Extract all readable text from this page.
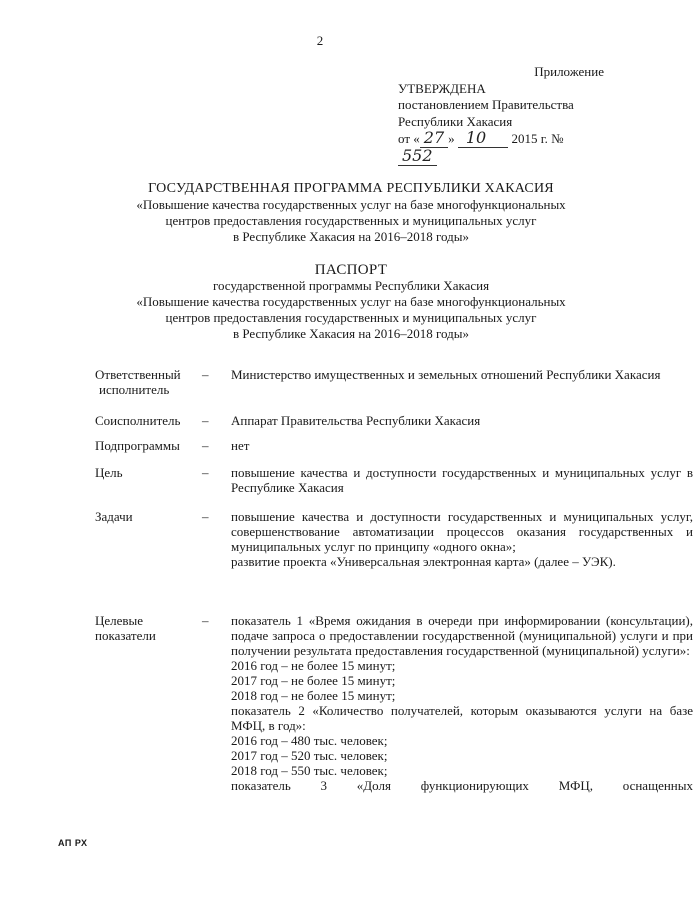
2
Приложение
УТВЕРЖДЕНА
постановлением Правительства
Республики Хакасия
от « 27 » 10 2015 г. № 552
ГОСУДАРСТВЕННАЯ ПРОГРАММА РЕСПУБЛИКИ ХАКАСИЯ
«Повышение качества государственных услуг на базе многофункциональных
центров предоставления государственных и муниципальных услуг
в Республике Хакасия на 2016–2018 годы»
ПАСПОРТ
государственной программы Республики Хакасия
«Повышение качества государственных услуг на базе многофункциональных
центров предоставления государственных и муниципальных услуг
в Республике Хакасия на 2016–2018 годы»
Ответственный
исполнитель
–	Министерство имущественных и земельных отношений Республики Хакасия
Соисполнитель	–	Аппарат Правительства Республики Хакасия
Подпрограммы	–	нет
Цель	–	повышение качества и доступности государственных и муниципальных услуг в Республике Хакасия
Задачи	–	повышение качества и доступности государственных и муниципальных услуг, совершенствование автоматизации процессов оказания государственных и муниципальных услуг по принципу «одного окна»;
развитие проекта «Универсальная электронная карта» (далее – УЭК).
Целевые
показатели
–	показатель 1 «Время ожидания в очереди при информировании (консультации), подаче запроса о предоставлении государственной (муниципальной) услуги и при получении результата предоставления государственной (муниципальной) услуги»:
2016 год – не более 15 минут;
2017 год – не более 15 минут;
2018 год – не более 15 минут;
показатель 2 «Количество получателей, которым оказываются услуги на базе МФЦ, в год»:
2016 год – 480 тыс. человек;
2017 год – 520 тыс. человек;
2018 год – 550 тыс. человек;
показатель 3 «Доля функционирующих МФЦ, оснащенных
АП РХ
